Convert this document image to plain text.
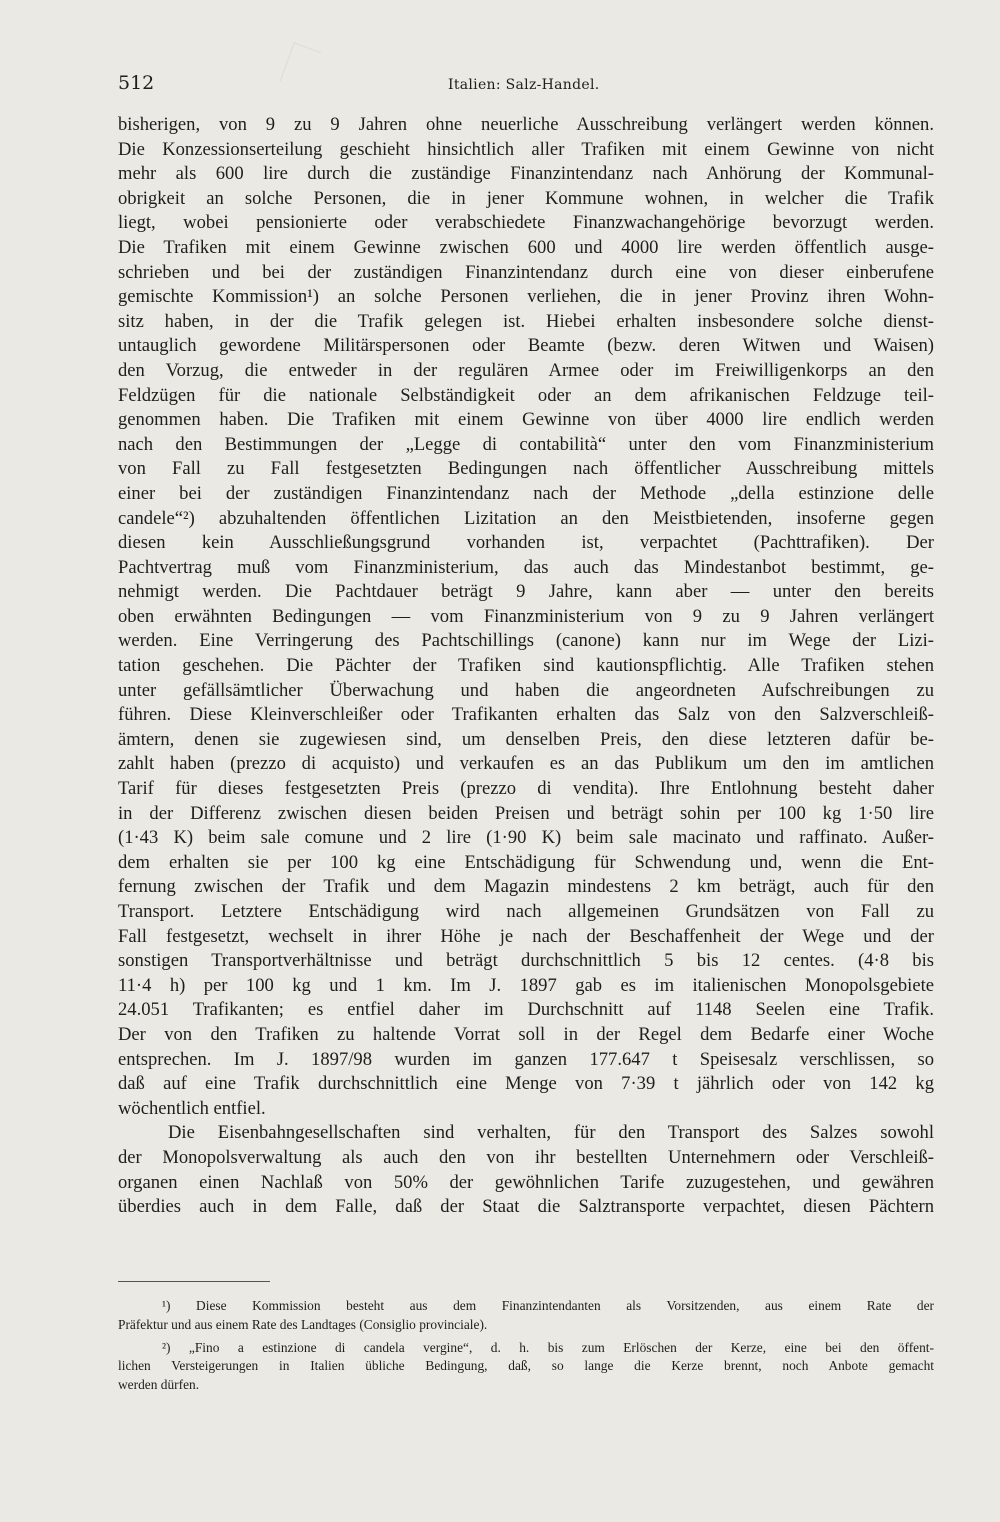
512	Italien: Salz-Handel.
bisherigen, von 9 zu 9 Jahren ohne neuerliche Ausschreibung verlängert werden können.
Die Konzessionserteilung geschieht hinsichtlich aller Trafiken mit einem Gewinne von nicht
mehr als 600 lire durch die zuständige Finanzintendanz nach Anhörung der Kommunal-
obrigkeit an solche Personen, die in jener Kommune wohnen, in welcher die Trafik
liegt, wobei pensionierte oder verabschiedete Finanzwachangehörige bevorzugt werden.
Die Trafiken mit einem Gewinne zwischen 600 und 4000 lire werden öffentlich ausge-
schrieben und bei der zuständigen Finanzintendanz durch eine von dieser einberufene
gemischte Kommission¹) an solche Personen verliehen, die in jener Provinz ihren Wohn-
sitz haben, in der die Trafik gelegen ist. Hiebei erhalten insbesondere solche dienst-
untauglich gewordene Militärspersonen oder Beamte (bezw. deren Witwen und Waisen)
den Vorzug, die entweder in der regulären Armee oder im Freiwilligenkorps an den
Feldzügen für die nationale Selbständigkeit oder an dem afrikanischen Feldzuge teil-
genommen haben. Die Trafiken mit einem Gewinne von über 4000 lire endlich werden
nach den Bestimmungen der „Legge di contabilità“ unter den vom Finanzministerium
von Fall zu Fall festgesetzten Bedingungen nach öffentlicher Ausschreibung mittels
einer bei der zuständigen Finanzintendanz nach der Methode „della estinzione delle
candele“²) abzuhaltenden öffentlichen Lizitation an den Meistbietenden, insoferne gegen
diesen kein Ausschließungsgrund vorhanden ist, verpachtet (Pachttrafiken). Der
Pachtvertrag muß vom Finanzministerium, das auch das Mindestanbot bestimmt, ge-
nehmigt werden. Die Pachtdauer beträgt 9 Jahre, kann aber — unter den bereits
oben erwähnten Bedingungen — vom Finanzministerium von 9 zu 9 Jahren verlängert
werden. Eine Verringerung des Pachtschillings (canone) kann nur im Wege der Lizi-
tation geschehen. Die Pächter der Trafiken sind kautionspflichtig. Alle Trafiken stehen
unter gefällsämtlicher Überwachung und haben die angeordneten Aufschreibungen zu
führen. Diese Kleinverschleißer oder Trafikanten erhalten das Salz von den Salzverschleiß-
ämtern, denen sie zugewiesen sind, um denselben Preis, den diese letzteren dafür be-
zahlt haben (prezzo di acquisto) und verkaufen es an das Publikum um den im amtlichen
Tarif für dieses festgesetzten Preis (prezzo di vendita). Ihre Entlohnung besteht daher
in der Differenz zwischen diesen beiden Preisen und beträgt sohin per 100 kg 1·50 lire
(1·43 K) beim sale comune und 2 lire (1·90 K) beim sale macinato und raffinato. Außer-
dem erhalten sie per 100 kg eine Entschädigung für Schwendung und, wenn die Ent-
fernung zwischen der Trafik und dem Magazin mindestens 2 km beträgt, auch für den
Transport. Letztere Entschädigung wird nach allgemeinen Grundsätzen von Fall zu
Fall festgesetzt, wechselt in ihrer Höhe je nach der Beschaffenheit der Wege und der
sonstigen Transportverhältnisse und beträgt durchschnittlich 5 bis 12 centes. (4·8 bis
11·4 h) per 100 kg und 1 km. Im J. 1897 gab es im italienischen Monopolsgebiete
24.051 Trafikanten; es entfiel daher im Durchschnitt auf 1148 Seelen eine Trafik.
Der von den Trafiken zu haltende Vorrat soll in der Regel dem Bedarfe einer Woche
entsprechen. Im J. 1897/98 wurden im ganzen 177.647 t Speisesalz verschlissen, so
daß auf eine Trafik durchschnittlich eine Menge von 7·39 t jährlich oder von 142 kg
wöchentlich entfiel.
Die Eisenbahngesellschaften sind verhalten, für den Transport des Salzes sowohl
der Monopolsverwaltung als auch den von ihr bestellten Unternehmern oder Verschleiß-
organen einen Nachlaß von 50% der gewöhnlichen Tarife zuzugestehen, und gewähren
überdies auch in dem Falle, daß der Staat die Salztransporte verpachtet, diesen Pächtern
¹) Diese Kommission besteht aus dem Finanzintendanten als Vorsitzenden, aus einem Rate der
Präfektur und aus einem Rate des Landtages (Consiglio provinciale).
²) „Fino a estinzione di candela vergine“, d. h. bis zum Erlöschen der Kerze, eine bei den öffent-
lichen Versteigerungen in Italien übliche Bedingung, daß, so lange die Kerze brennt, noch Anbote gemacht
werden dürfen.
